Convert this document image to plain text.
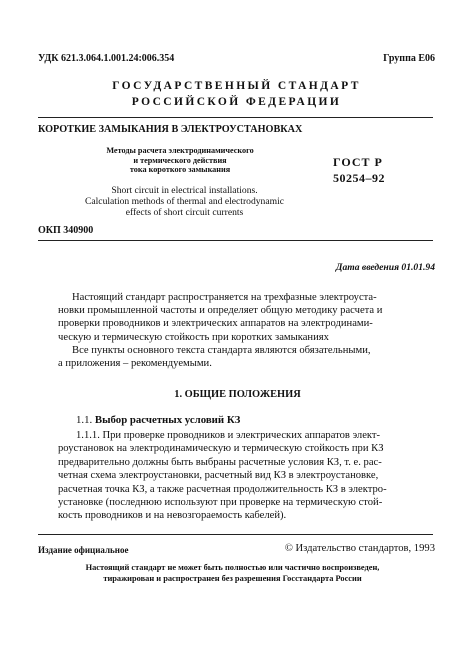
УДК 621.3.064.1.001.24:006.354	Группа Е06
ГОСУДАРСТВЕННЫЙ СТАНДАРТ
РОССИЙСКОЙ ФЕДЕРАЦИИ
КОРОТКИЕ ЗАМЫКАНИЯ В ЭЛЕКТРОУСТАНОВКАХ
Методы расчета электродинамического
и термического действия
тока короткого замыкания
ГОСТ Р
50254–92
Short circuit in electrical installations.
Calculation methods of thermal and electrodynamic
effects of short circuit currents
ОКП 340900
Дата введения 01.01.94
Настоящий стандарт распространяется на трехфазные электроуста-
новки промышленной частоты и определяет общую методику расчета и
проверки проводников и электрических аппаратов на электродинами-
ческую и термическую стойкость при коротких замыканиях
Все пункты основного текста стандарта являются обязательными,
а приложения – рекомендуемыми.
1. ОБЩИЕ ПОЛОЖЕНИЯ
1.1. Выбор расчетных условий КЗ
1.1.1. При проверке проводников и электрических аппаратов элект-
роустановок на электродинамическую и термическую стойкость при КЗ
предварительно должны быть выбраны расчетные условия КЗ, т. е. рас-
четная схема электроустановки, расчетный вид КЗ в электроустановке,
расчетная точка КЗ, а также расчетная продолжительность КЗ в электро-
установке (последнюю используют при проверке на термическую стой-
кость проводников и на невозгораемость кабелей).
Издание официальное	© Издательство стандартов, 1993
Настоящий стандарт не может быть полностью или частично воспроизведен,
тиражирован и распространен без разрешения Госстандарта России
